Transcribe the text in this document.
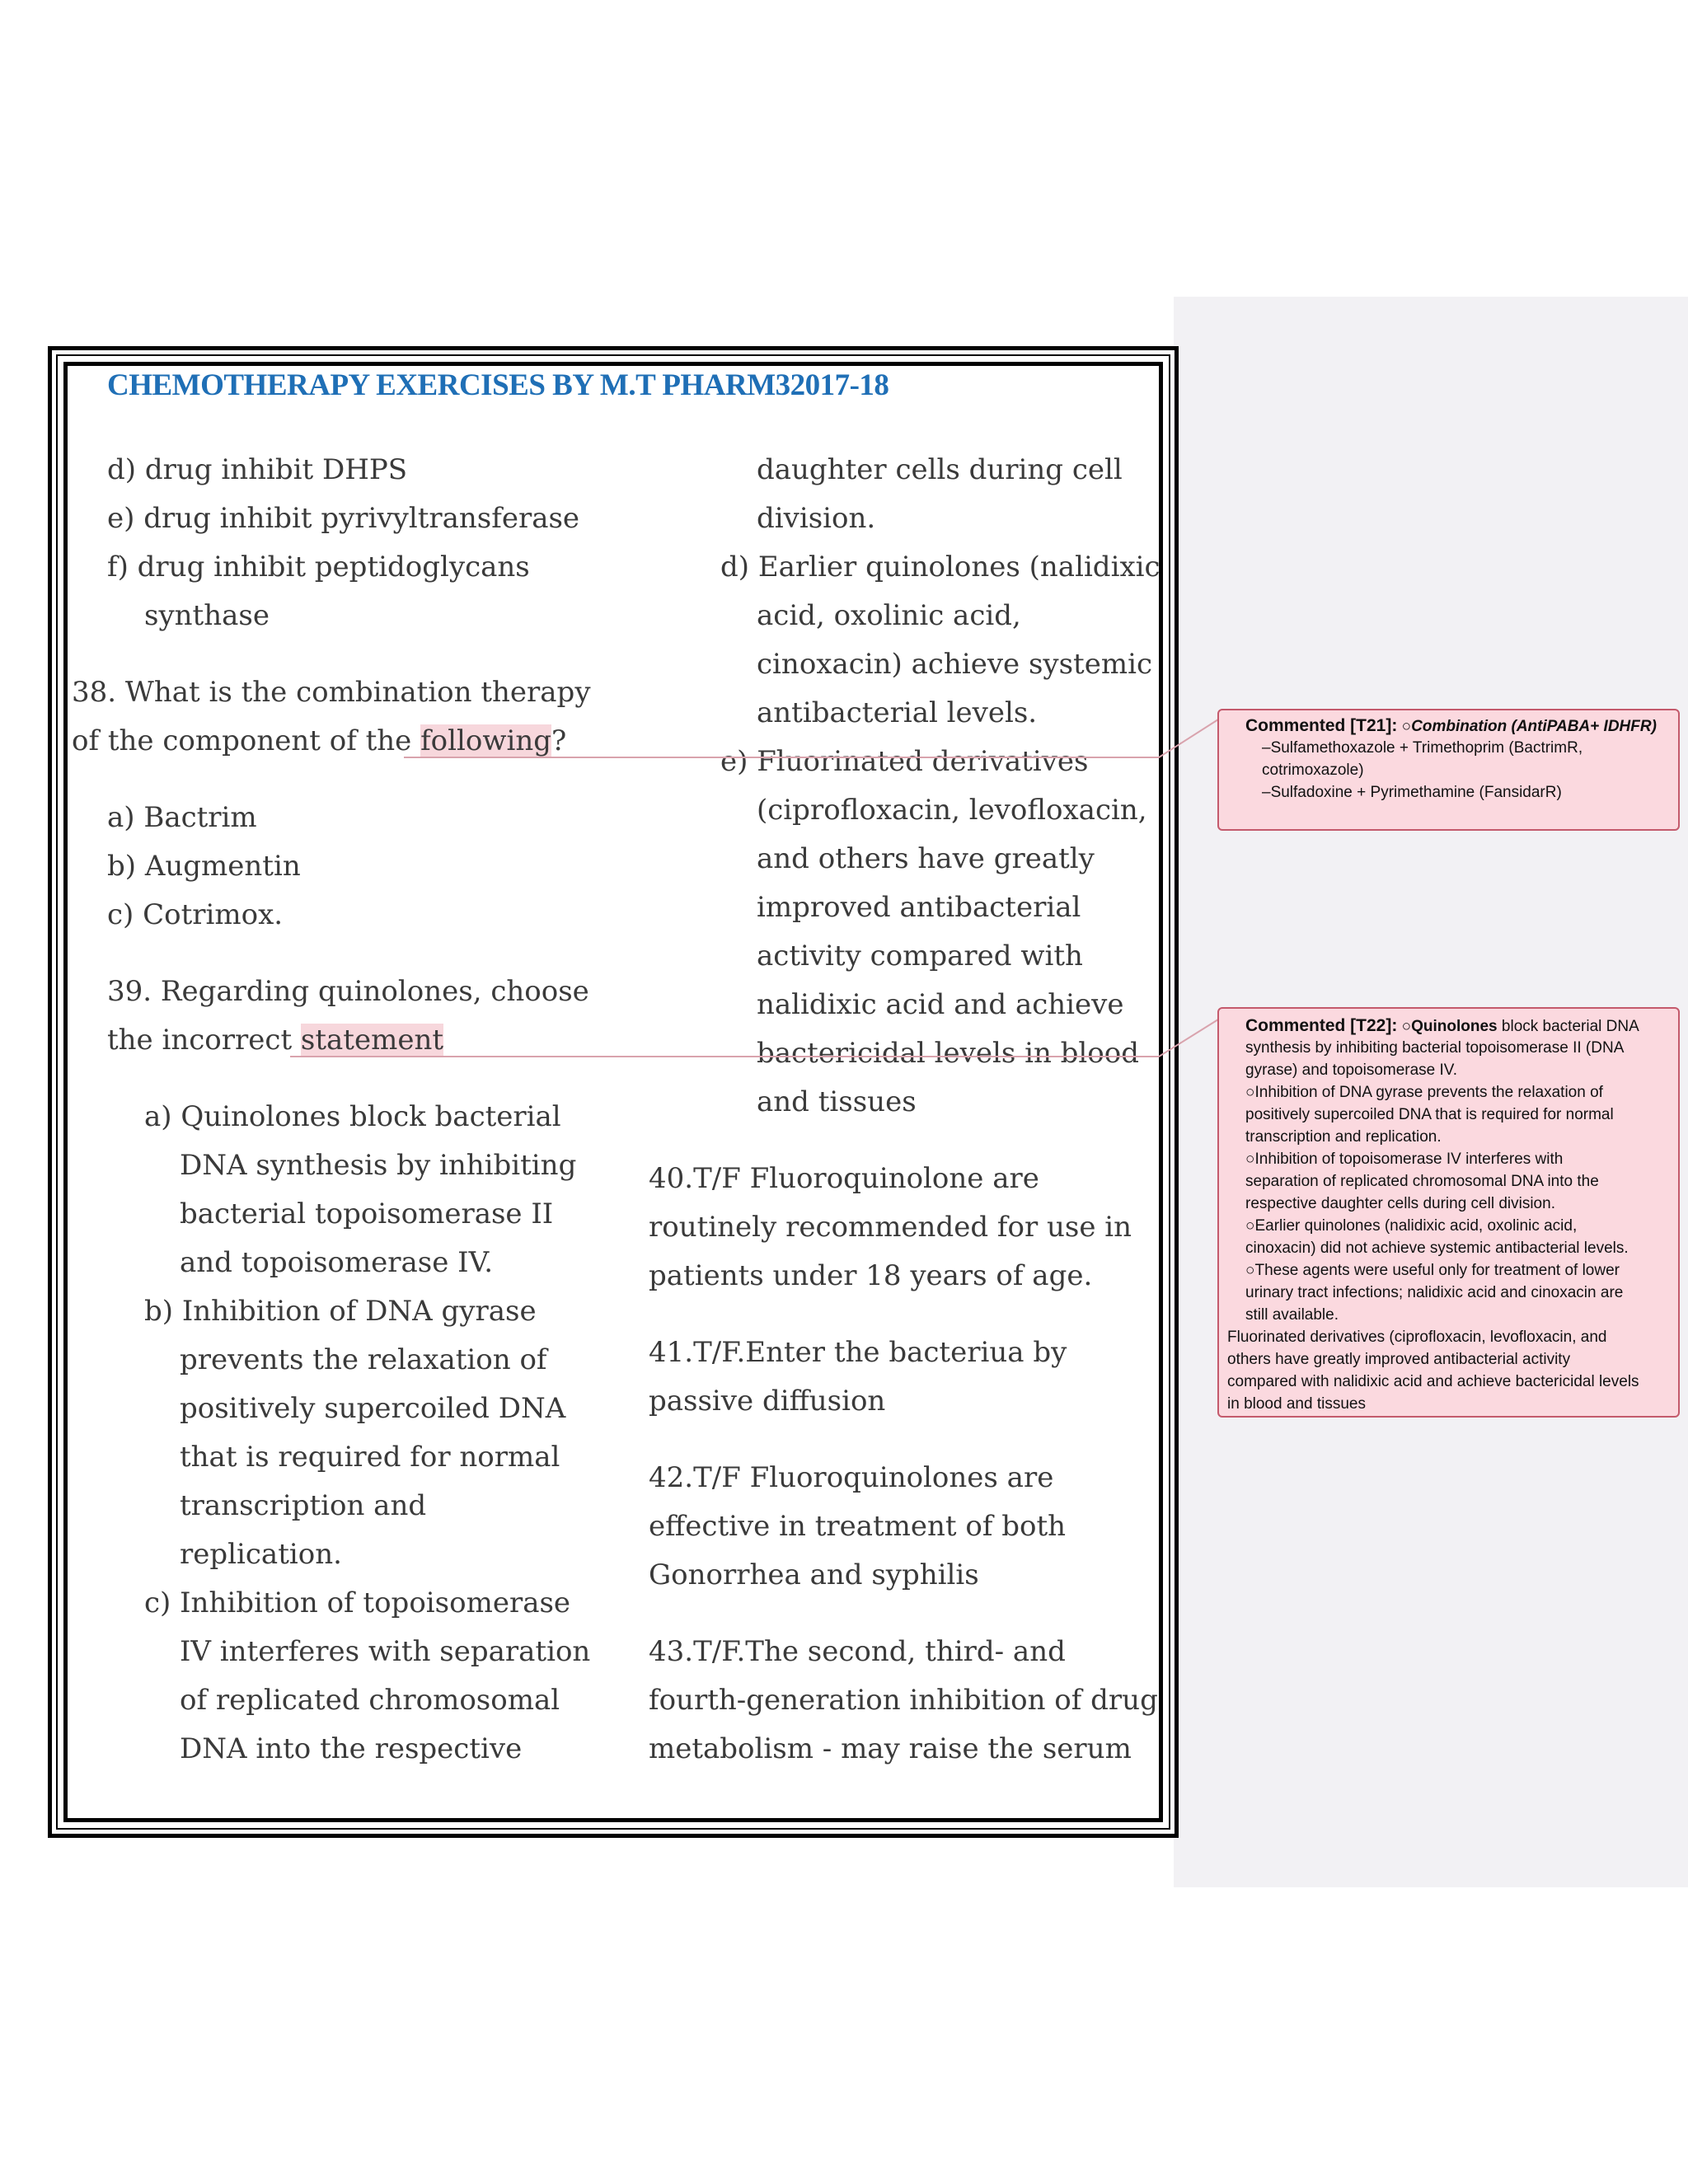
CHEMOTHERAPY EXERCISES BY M.T PHARM32017-18
d) drug inhibit DHPS
e) drug inhibit pyrivyltransferase
f) drug inhibit peptidoglycans
synthase
38. What is the combination therapy
of the component of the following?
a) Bactrim
b) Augmentin
c) Cotrimox.
39. Regarding quinolones, choose
the incorrect statement
a) Quinolones block bacterial
DNA synthesis by inhibiting
bacterial topoisomerase II
and topoisomerase IV.
b) Inhibition of DNA gyrase
prevents the relaxation of
positively supercoiled DNA
that is required for normal
transcription and
replication.
c) Inhibition of topoisomerase
IV interferes with separation
of replicated chromosomal
DNA into the respective
daughter cells during cell
division.
d) Earlier quinolones (nalidixic
acid, oxolinic acid,
cinoxacin) achieve systemic
antibacterial levels.
e) Fluorinated derivatives
(ciprofloxacin, levofloxacin,
and others have greatly
improved antibacterial
activity compared with
nalidixic acid and achieve
bactericidal levels in blood
and tissues
40.T/F Fluoroquinolone are
routinely recommended for use in
patients under 18 years of age.
41.T/F.Enter the bacteriua by
passive diffusion
42.T/F Fluoroquinolones are
effective in treatment of both
Gonorrhea and syphilis
43.T/F.The second, third- and
fourth-generation inhibition of drug
metabolism - may raise the serum
Commented [T21]: ○Combination (AntiPABA+ IDHFR)
–Sulfamethoxazole + Trimethoprim (BactrimR,
cotrimoxazole)
–Sulfadoxine + Pyrimethamine (FansidarR)
Commented [T22]: ○Quinolones block bacterial DNA
synthesis by inhibiting bacterial topoisomerase II (DNA
gyrase) and topoisomerase IV.
○Inhibition of DNA gyrase prevents the relaxation of
positively supercoiled DNA that is required for normal
transcription and replication.
○Inhibition of topoisomerase IV interferes with
separation of replicated chromosomal DNA into the
respective daughter cells during cell division.
○Earlier quinolones (nalidixic acid, oxolinic acid,
cinoxacin) did not achieve systemic antibacterial levels.
○These agents were useful only for treatment of lower
urinary tract infections; nalidixic acid and cinoxacin are
still available.
Fluorinated derivatives (ciprofloxacin, levofloxacin, and
others have greatly improved antibacterial activity
compared with nalidixic acid and achieve bactericidal levels
in blood and tissues
